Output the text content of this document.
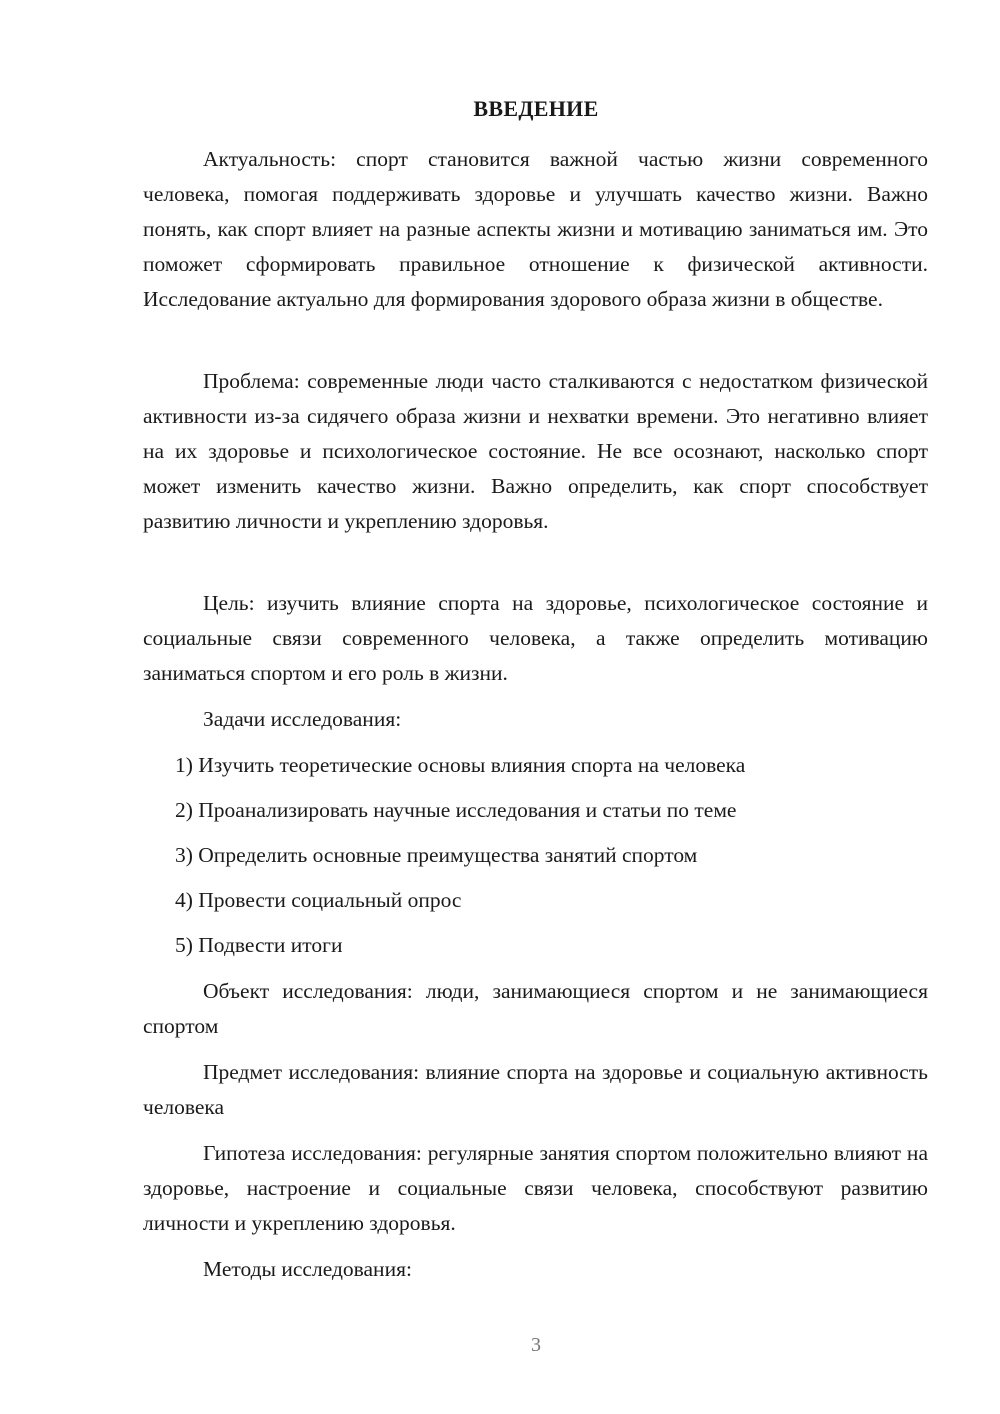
ВВЕДЕНИЕ

Актуальность: спорт становится важной частью жизни современного человека, помогая поддерживать здоровье и улучшать качество жизни. Важно понять, как спорт влияет на разные аспекты жизни и мотивацию заниматься им. Это поможет сформировать правильное отношение к физической активности. Исследование актуально для формирования здорового образа жизни в обществе.

Проблема: современные люди часто сталкиваются с недостатком физической активности из-за сидячего образа жизни и нехватки времени. Это негативно влияет на их здоровье и психологическое состояние. Не все осознают, насколько спорт может изменить качество жизни. Важно определить, как спорт способствует развитию личности и укреплению здоровья.

Цель: изучить влияние спорта на здоровье, психологическое состояние и социальные связи современного человека, а также определить мотивацию заниматься спортом и его роль в жизни.

Задачи исследования:

1) Изучить теоретические основы влияния спорта на человека

2) Проанализировать научные исследования и статьи по теме

3) Определить основные преимущества занятий спортом

4) Провести социальный опрос

5) Подвести итоги

Объект исследования: люди, занимающиеся спортом и не занимающиеся спортом

Предмет исследования: влияние спорта на здоровье и социальную активность человека

Гипотеза исследования: регулярные занятия спортом положительно влияют на здоровье, настроение и социальные связи человека, способствуют развитию личности и укреплению здоровья.

Методы исследования:

3
